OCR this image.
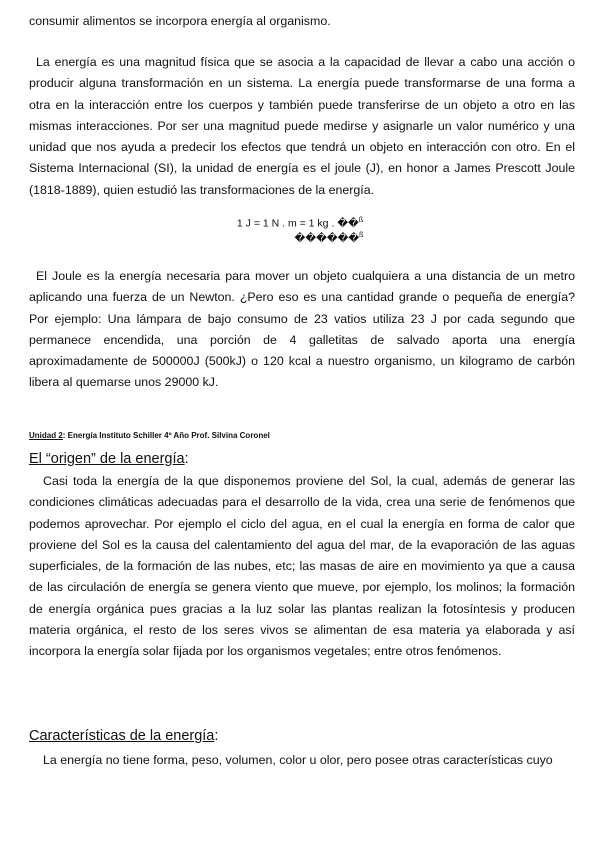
consumir alimentos se incorpora energía al organismo.

La energía es una magnitud física que se asocia a la capacidad de llevar a cabo una acción o producir alguna transformación en un sistema. La energía puede transformarse de una forma a otra en la interacción entre los cuerpos y también puede transferirse de un objeto a otro en las mismas interacciones. Por ser una magnitud puede medirse y asignarle un valor numérico y una unidad que nos ayuda a predecir los efectos que tendrá un objeto en interacción con otro. En el Sistema Internacional (SI), la unidad de energía es el joule (J), en honor a James Prescott Joule (1818-1889), quien estudió las transformaciones de la energía.

1 J = 1 N . m = 1 kg . ��$^ß$
������$^ß$

El Joule es la energía necesaria para mover un objeto cualquiera a una distancia de un metro aplicando una fuerza de un Newton. ¿Pero eso es una cantidad grande o pequeña de energía? Por ejemplo: Una lámpara de bajo consumo de 23 vatios utiliza 23 J por cada segundo que permanece encendida, una porción de 4 galletitas de salvado aporta una energía aproximadamente de 500000J (500kJ) o 120 kcal a nuestro organismo, un kilogramo de carbón libera al quemarse unos 29000 kJ.

Unidad 2: Energía Instituto Schiller 4º Año Prof. Silvina Coronel
El “origen” de la energía:

Casi toda la energía de la que disponemos proviene del Sol, la cual, además de generar las condiciones climáticas adecuadas para el desarrollo de la vida, crea una serie de fenómenos que podemos aprovechar. Por ejemplo el ciclo del agua, en el cual la energía en forma de calor que proviene del Sol es la causa del calentamiento del agua del mar, de la evaporación de las aguas superficiales, de la formación de las nubes, etc; las masas de aire en movimiento ya que a causa de las circulación de energía se genera viento que mueve, por ejemplo, los molinos; la formación de energía orgánica pues gracias a la luz solar las plantas realizan la fotosíntesis y producen materia orgánica, el resto de los seres vivos se alimentan de esa materia ya elaborada y así incorpora la energía solar fijada por los organismos vegetales; entre otros fenómenos.

Características de la energía:

La energía no tiene forma, peso, volumen, color u olor, pero posee otras características cuyo
